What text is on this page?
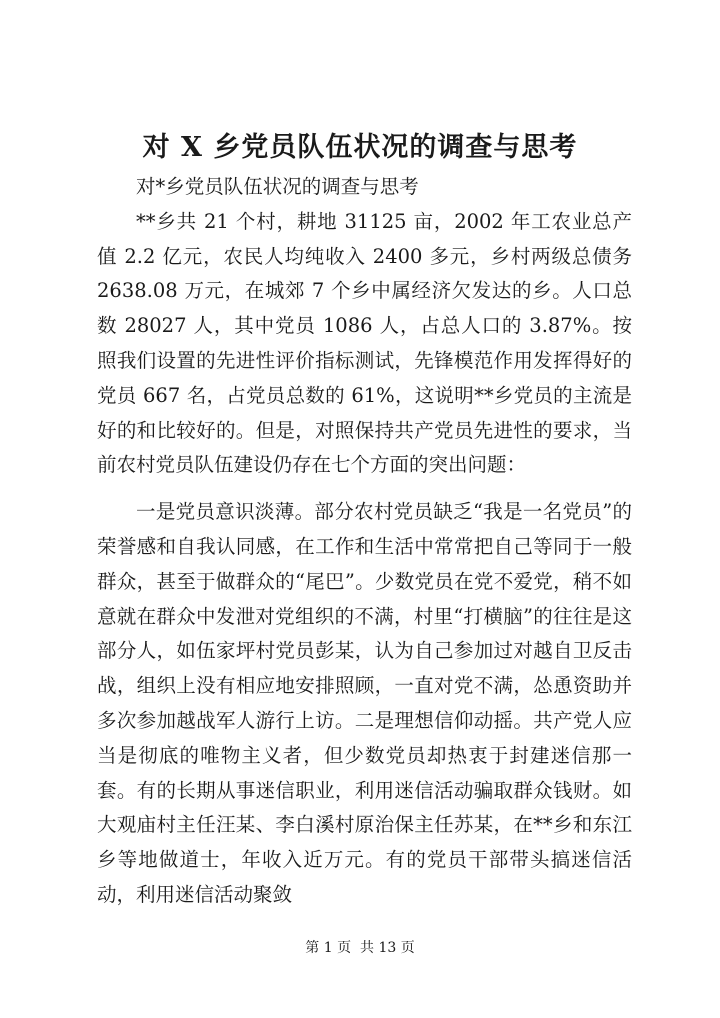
对 X 乡党员队伍状况的调查与思考

对*乡党员队伍状况的调查与思考

**乡共 21 个村，耕地 31125 亩，2002 年工农业总产值 2.2 亿元，农民人均纯收入 2400 多元，乡村两级总债务 2638.08 万元，在城郊 7 个乡中属经济欠发达的乡。人口总数 28027 人，其中党员 1086 人，占总人口的 3.87%。按照我们设置的先进性评价指标测试，先锋模范作用发挥得好的党员 667 名，占党员总数的 61%，这说明**乡党员的主流是好的和比较好的。但是，对照保持共产党员先进性的要求，当前农村党员队伍建设仍存在七个方面的突出问题：

一是党员意识淡薄。部分农村党员缺乏“我是一名党员”的荣誉感和自我认同感，在工作和生活中常常把自己等同于一般群众，甚至于做群众的“尾巴”。少数党员在党不爱党，稍不如意就在群众中发泄对党组织的不满，村里“打横脑”的往往是这部分人，如伍家坪村党员彭某，认为自己参加过对越自卫反击战，组织上没有相应地安排照顾，一直对党不满，怂恿资助并多次参加越战军人游行上访。二是理想信仰动摇。共产党人应当是彻底的唯物主义者，但少数党员却热衷于封建迷信那一套。有的长期从事迷信职业，利用迷信活动骗取群众钱财。如大观庙村主任汪某、李白溪村原治保主任苏某，在**乡和东江乡等地做道士，年收入近万元。有的党员干部带头搞迷信活动，利用迷信活动聚敛

第 1 页  共 13 页
